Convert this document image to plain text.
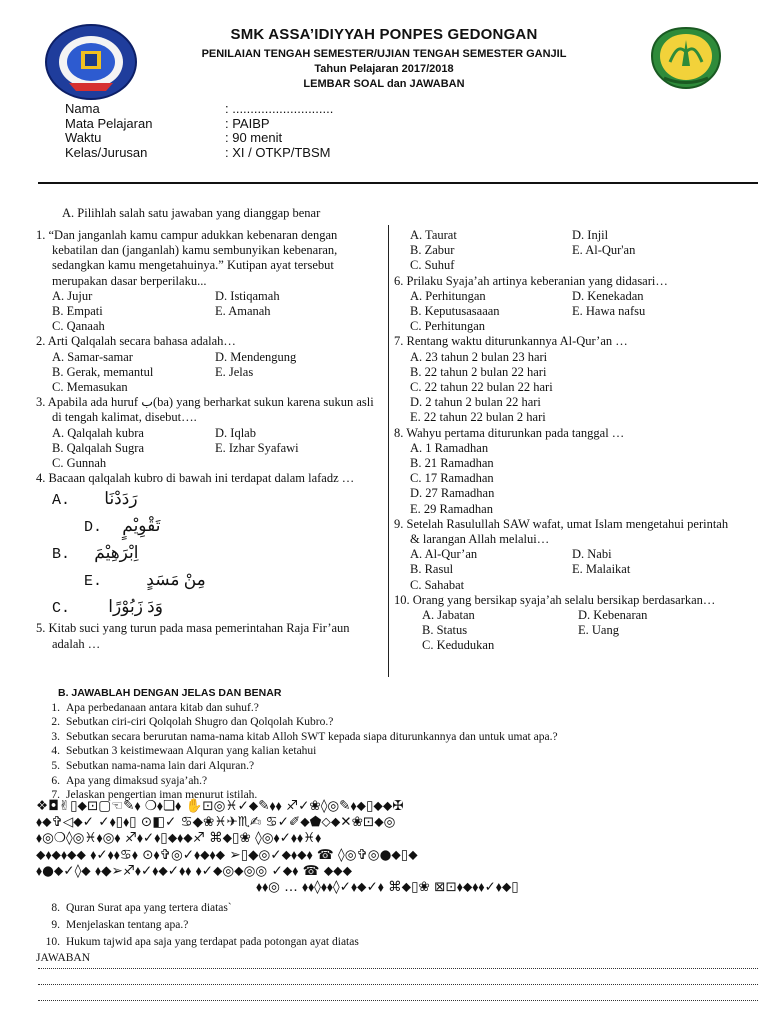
SMK ASSA’IDIYYAH PONPES GEDONGAN
PENILAIAN TENGAH SEMESTER/UJIAN TENGAH SEMESTER GANJIL
Tahun Pelajaran 2017/2018
LEMBAR SOAL dan JAWABAN
Nama	: ............................
Mata Pelajaran	: PAIBP
Waktu	: 90 menit
Kelas/Jurusan	: XI / OTKP/TBSM
A. Pilihlah salah satu jawaban yang dianggap benar
1. “Dan janganlah kamu campur adukkan kebenaran dengan kebatilan dan (janganlah) kamu sembunyikan kebenaran, sedangkan kamu mengetahuinya.” Kutipan ayat tersebut merupakan dasar berperilaku...
A. Jujur	D. Istiqamah
B. Empati	E. Amanah
C. Qanaah
2. Arti Qalqalah secara bahasa adalah…
A. Samar-samar	D. Mendengung
B. Gerak, memantul	E. Jelas
C. Memasukan
3. Apabila ada huruf ب(ba) yang berharkat sukun karena sukun asli di tengah kalimat, disebut….
A. Qalqalah kubra	D. Iqlab
B. Qalqalah Sugra	E. Izhar Syafawi
C. Gunnah
4. Bacaan qalqalah kubro di bawah ini terdapat dalam lafadz …
A. رَدَدْنَا
D. تَقْوِيْمٍ
B. اِبْرَهِيْمَ
E.	مِنْ مَسَدٍ
C. وَدَ زَبُوْرًا
5. Kitab suci yang turun pada masa pemerintahan Raja Fir’aun adalah …
A. Taurat	D. Injil
B. Zabur	E. Al-Qur'an
C. Suhuf
6. Prilaku Syaja’ah artinya keberanian yang didasari…
A. Perhitungan	D. Kenekadan
B. Keputusasaaan	E. Hawa nafsu
C. Perhitungan
7. Rentang waktu diturunkannya Al-Qur’an …
A. 23 tahun 2 bulan 23 hari
B. 22 tahun 2 bulan 22 hari
C. 22 tahun 22 bulan 22 hari
D. 2 tahun 2 bulan 22 hari
E. 22 tahun 22 bulan 2 hari
8. Wahyu pertama diturunkan pada tanggal …
A. 1 Ramadhan
B. 21 Ramadhan
C. 17 Ramadhan
D. 27 Ramadhan
E. 29 Ramadhan
9. Setelah Rasulullah SAW wafat, umat Islam mengetahui perintah & larangan Allah melalui…
A. Al-Qur’an	D. Nabi
B. Rasul	E. Malaikat
C. Sahabat
10. Orang yang bersikap syaja’ah selalu bersikap berdasarkan…
A. Jabatan	D. Kebenaran
B. Status	E. Uang
C. Kedudukan
B. JAWABLAH DENGAN JELAS DAN BENAR
1. Apa perbedanaan antara kitab dan suhuf.?
2. Sebutkan ciri-ciri Qolqolah Shugro dan Qolqolah Kubro.?
3. Sebutkan secara berurutan nama-nama kitab Alloh SWT kepada siapa diturunkannya dan untuk umat apa.?
4. Sebutkan 3 keistimewaan Alquran yang kalian ketahui
5. Sebutkan nama-nama lain dari Alquran.?
6. Apa yang dimaksud syaja’ah.?
7. Jelaskan pengertian iman menurut istilah.
❖◘✌▯⬥⊡▢☜✎⬧ ❍⬧❏⬧ ✋⊡◎♓✓⬥✎⬧⬧ ♐✓❀◊◎✎⬧⬥▯⬥⬥✠
⬧⬥✞◁⬥✓ ✓⬧▯⬧▯ ⊙◧✓ ♋◆❀♓✈♏✍ ♋✓✐⬥⬟⬦⬥✕❀⊡⬥◎
⬧◎❍◊◎♓⬧◎⬧ ♐⬧✓⬧▯⬥⬧⬥♐ ⌘⬥▯❀ ◊◎⬧✓⬧⬧♓⬧
⬥⬧⬥⬧⬥⬥ ⬧✓⬧⬧♋⬧ ⊙⬧✞◎✓⬧⬥⬧⬥ ➢▯◆◎✓⬥⬧⬥⬧ ☎ ◊◎✞◎●⬥▯⬥
⬧●⬥✓◊⬥ ⬧◆➢♐⬧✓⬧⬥✓⬧⬧ ⬧✓⬥◎⬥◎◎ ✓⬥⬧ ☎ ⬥⬥⬥
⬧⬧◎ … ⬧⬧◊⬧⬧◊✓⬧⬥✓⬧ ⌘⬥▯❀ ⊠⊡⬧⬥⬧⬧✓⬧⬥▯
8. Quran Surat apa yang tertera diatas`
9. Menjelaskan tentang apa.?
10. Hukum tajwid apa saja yang terdapat pada potongan ayat diatas
JAWABAN
